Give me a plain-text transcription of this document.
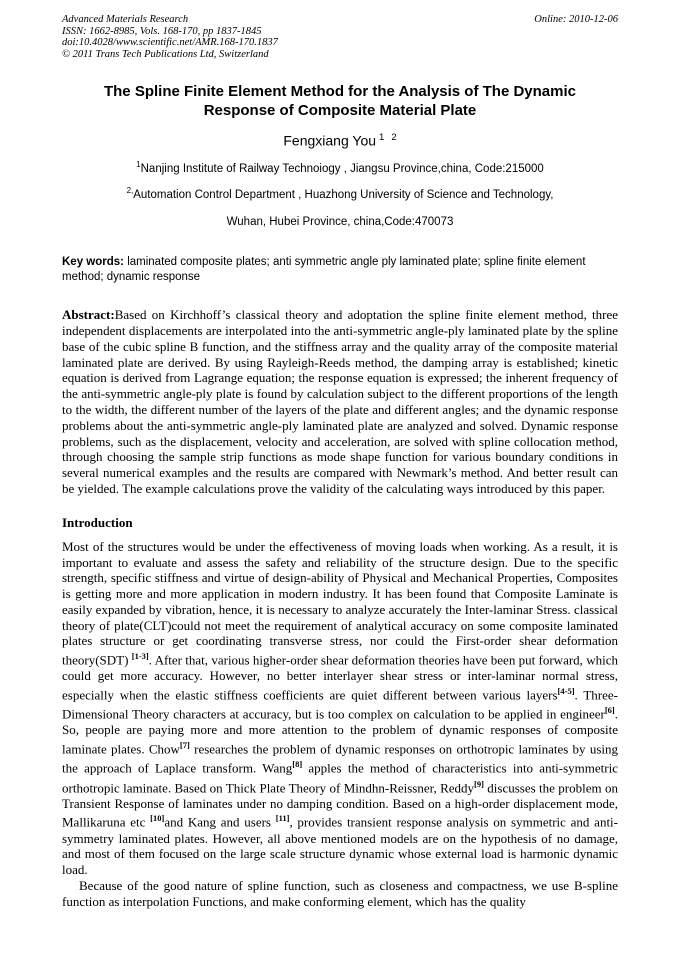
Advanced Materials Research
ISSN: 1662-8985, Vols. 168-170, pp 1837-1845
doi:10.4028/www.scientific.net/AMR.168-170.1837
© 2011 Trans Tech Publications Ltd, Switzerland
Online: 2010-12-06
The Spline Finite Element Method for the Analysis of The Dynamic Response of Composite Material Plate
Fengxiang You $^1$ $^2$
$^1$Nanjing Institute of Railway Technoiogy , Jiangsu Province,china, Code:215000
$^{2,}$Automation Control Department , Huazhong University of Science and Technology,
Wuhan, Hubei Province, china,Code:470073

Key words: laminated composite plates; anti symmetric angle ply laminated plate; spline finite element method; dynamic response

Abstract:Based on Kirchhoff’s classical theory and adoptation the spline finite element method, three independent displacements are interpolated into the anti-symmetric angle-ply laminated plate by the spline base of the cubic spline B function, and the stiffness array and the quality array of the composite material laminated plate are derived. By using Rayleigh-Reeds method, the damping array is established; kinetic equation is derived from Lagrange equation; the response equation is expressed; the inherent frequency of the anti-symmetric angle-ply plate is found by calculation subject to the different proportions of the length to the width, the different number of the layers of the plate and different angles; and the dynamic response problems about the anti-symmetric angle-ply laminated plate are analyzed and solved. Dynamic response problems, such as the displacement, velocity and acceleration, are solved with spline collocation method, through choosing the sample strip functions as mode shape function for various boundary conditions in several numerical examples and the results are compared with Newmark’s method. And better result can be yielded. The example calculations prove the validity of the calculating ways introduced by this paper.

Introduction

Most of the structures would be under the effectiveness of moving loads when working. As a result, it is important to evaluate and assess the safety and reliability of the structure design. Due to the specific strength, specific stiffness and virtue of design-ability of Physical and Mechanical Properties, Composites is getting more and more application in modern industry. It has been found that Composite Laminate is easily expanded by vibration, hence, it is necessary to analyze accurately the Inter-laminar Stress. classical theory of plate(CLT)could not meet the requirement of analytical accuracy on some composite laminated plates structure or get coordinating transverse stress, nor could the First-order shear deformation theory(SDT) [1-3]. After that, various higher-order shear deformation theories have been put forward, which could get more accuracy. However, no better interlayer shear stress or inter-laminar normal stress, especially when the elastic stiffness coefficients are quiet different between various layers[4-5]. Three-Dimensional Theory characters at accuracy, but is too complex on calculation to be applied in engineer[6]. So, people are paying more and more attention to the problem of dynamic responses of composite laminate plates. Chow[7] researches the problem of dynamic responses on orthotropic laminates by using the approach of Laplace transform. Wang[8] apples the method of characteristics into anti-symmetric orthotropic laminate. Based on Thick Plate Theory of Mindhn-Reissner, Reddy[9] discusses the problem on Transient Response of laminates under no damping condition. Based on a high-order displacement mode, Mallikaruna etc [10]and Kang and users [11], provides transient response analysis on symmetric and anti-symmetry laminated plates. However, all above mentioned models are on the hypothesis of no damage, and most of them focused on the large scale structure dynamic whose external load is harmonic dynamic load.

Because of the good nature of spline function, such as closeness and compactness, we use B-spline function as interpolation Functions, and make conforming element, which has the quality
